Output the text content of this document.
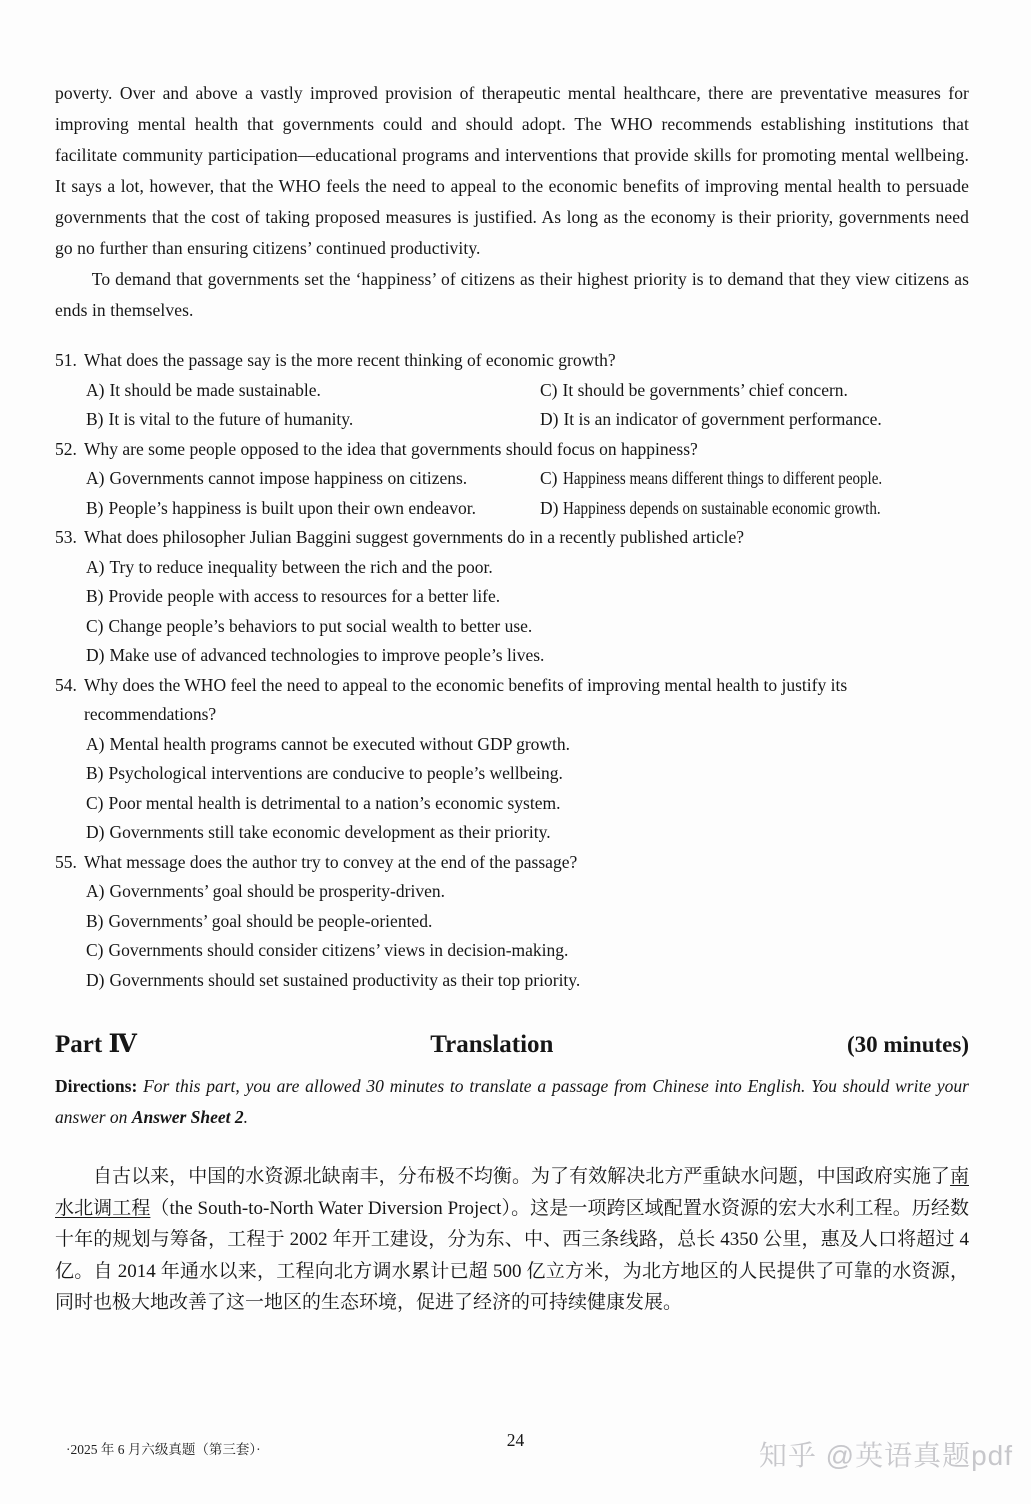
poverty. Over and above a vastly improved provision of therapeutic mental healthcare, there are preventative measures for improving mental health that governments could and should adopt. The WHO recommends establishing institutions that facilitate community participation—educational programs and interventions that provide skills for promoting mental wellbeing. It says a lot, however, that the WHO feels the need to appeal to the economic benefits of improving mental health to persuade governments that the cost of taking proposed measures is justified. As long as the economy is their priority, governments need go no further than ensuring citizens’ continued productivity.

To demand that governments set the ‘happiness’ of citizens as their highest priority is to demand that they view citizens as ends in themselves.

51. What does the passage say is the more recent thinking of economic growth?
A) It should be made sustainable.	C) It should be governments’ chief concern.
B) It is vital to the future of humanity.	D) It is an indicator of government performance.
52. Why are some people opposed to the idea that governments should focus on happiness?
A) Governments cannot impose happiness on citizens.	C) Happiness means different things to different people.
B) People’s happiness is built upon their own endeavor.	D) Happiness depends on sustainable economic growth.
53. What does philosopher Julian Baggini suggest governments do in a recently published article?
A) Try to reduce inequality between the rich and the poor.
B) Provide people with access to resources for a better life.
C) Change people’s behaviors to put social wealth to better use.
D) Make use of advanced technologies to improve people’s lives.
54. Why does the WHO feel the need to appeal to the economic benefits of improving mental health to justify its recommendations?
A) Mental health programs cannot be executed without GDP growth.
B) Psychological interventions are conducive to people’s wellbeing.
C) Poor mental health is detrimental to a nation’s economic system.
D) Governments still take economic development as their priority.
55. What message does the author try to convey at the end of the passage?
A) Governments’ goal should be prosperity-driven.
B) Governments’ goal should be people-oriented.
C) Governments should consider citizens’ views in decision-making.
D) Governments should set sustained productivity as their top priority.
Part Ⅳ	Translation	(30 minutes)

Directions: For this part, you are allowed 30 minutes to translate a passage from Chinese into English. You should write your answer on Answer Sheet 2.

自古以来，中国的水资源北缺南丰，分布极不均衡。为了有效解决北方严重缺水问题，中国政府实施了南水北调工程（the South-to-North Water Diversion Project）。这是一项跨区域配置水资源的宏大水利工程。历经数十年的规划与筹备，工程于 2002 年开工建设，分为东、中、西三条线路，总长 4350 公里，惠及人口将超过 4 亿。自 2014 年通水以来，工程向北方调水累计已超 500 亿立方米，为北方地区的人民提供了可靠的水资源，同时也极大地改善了这一地区的生态环境，促进了经济的可持续健康发展。

24
·2025 年 6 月六级真题（第三套）·	知乎 @英语真题pdf
